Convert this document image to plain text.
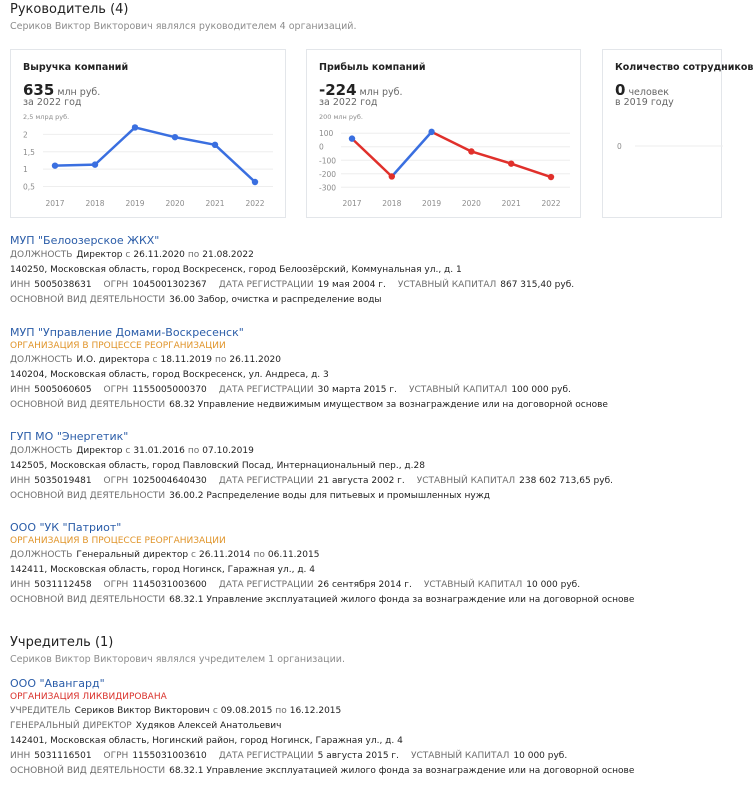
Руководитель (4)
Сериков Виктор Викторович являлся руководителем 4 организаций.
Выручка компаний
635 млн руб.
за 2022 год
2,5 млрд руб.
2
1,5
1
0,5
2017	2018	2019	2020	2021	2022
Прибыль компаний
-224 млн руб.
за 2022 год
200 млн руб.
100
0
-100
-200
-300
2017	2018	2019	2020	2021	2022
Количество сотрудников
0 человек
в 2019 году
0
МУП "Белоозерское ЖКХ"
ДОЛЖНОСТЬ Директор с 26.11.2020 по 21.08.2022
140250, Московская область, город Воскресенск, город Белоозёрский, Коммунальная ул., д. 1
ИНН 5005038631 ОГРН 1045001302367 ДАТА РЕГИСТРАЦИИ 19 мая 2004 г. УСТАВНЫЙ КАПИТАЛ 867 315,40 руб.
ОСНОВНОЙ ВИД ДЕЯТЕЛЬНОСТИ 36.00 Забор, очистка и распределение воды
МУП "Управление Домами-Воскресенск"
ОРГАНИЗАЦИЯ В ПРОЦЕССЕ РЕОРГАНИЗАЦИИ
ДОЛЖНОСТЬ И.О. директора с 18.11.2019 по 26.11.2020
140204, Московская область, город Воскресенск, ул. Андреса, д. 3
ИНН 5005060605 ОГРН 1155005000370 ДАТА РЕГИСТРАЦИИ 30 марта 2015 г. УСТАВНЫЙ КАПИТАЛ 100 000 руб.
ОСНОВНОЙ ВИД ДЕЯТЕЛЬНОСТИ 68.32 Управление недвижимым имуществом за вознаграждение или на договорной основе
ГУП МО "Энергетик"
ДОЛЖНОСТЬ Директор с 31.01.2016 по 07.10.2019
142505, Московская область, город Павловский Посад, Интернациональный пер., д.28
ИНН 5035019481 ОГРН 1025004640430 ДАТА РЕГИСТРАЦИИ 21 августа 2002 г. УСТАВНЫЙ КАПИТАЛ 238 602 713,65 руб.
ОСНОВНОЙ ВИД ДЕЯТЕЛЬНОСТИ 36.00.2 Распределение воды для питьевых и промышленных нужд
ООО "УК "Патриот"
ОРГАНИЗАЦИЯ В ПРОЦЕССЕ РЕОРГАНИЗАЦИИ
ДОЛЖНОСТЬ Генеральный директор с 26.11.2014 по 06.11.2015
142411, Московская область, город Ногинск, Гаражная ул., д. 4
ИНН 5031112458 ОГРН 1145031003600 ДАТА РЕГИСТРАЦИИ 26 сентября 2014 г. УСТАВНЫЙ КАПИТАЛ 10 000 руб.
ОСНОВНОЙ ВИД ДЕЯТЕЛЬНОСТИ 68.32.1 Управление эксплуатацией жилого фонда за вознаграждение или на договорной основе
Учредитель (1)
Сериков Виктор Викторович являлся учредителем 1 организации.
ООО "Авангард"
ОРГАНИЗАЦИЯ ЛИКВИДИРОВАНА
УЧРЕДИТЕЛЬ Сериков Виктор Викторович с 09.08.2015 по 16.12.2015
ГЕНЕРАЛЬНЫЙ ДИРЕКТОР Худяков Алексей Анатольевич
142401, Московская область, Ногинский район, город Ногинск, Гаражная ул., д. 4
ИНН 5031116501 ОГРН 1155031003610 ДАТА РЕГИСТРАЦИИ 5 августа 2015 г. УСТАВНЫЙ КАПИТАЛ 10 000 руб.
ОСНОВНОЙ ВИД ДЕЯТЕЛЬНОСТИ 68.32.1 Управление эксплуатацией жилого фонда за вознаграждение или на договорной основе
